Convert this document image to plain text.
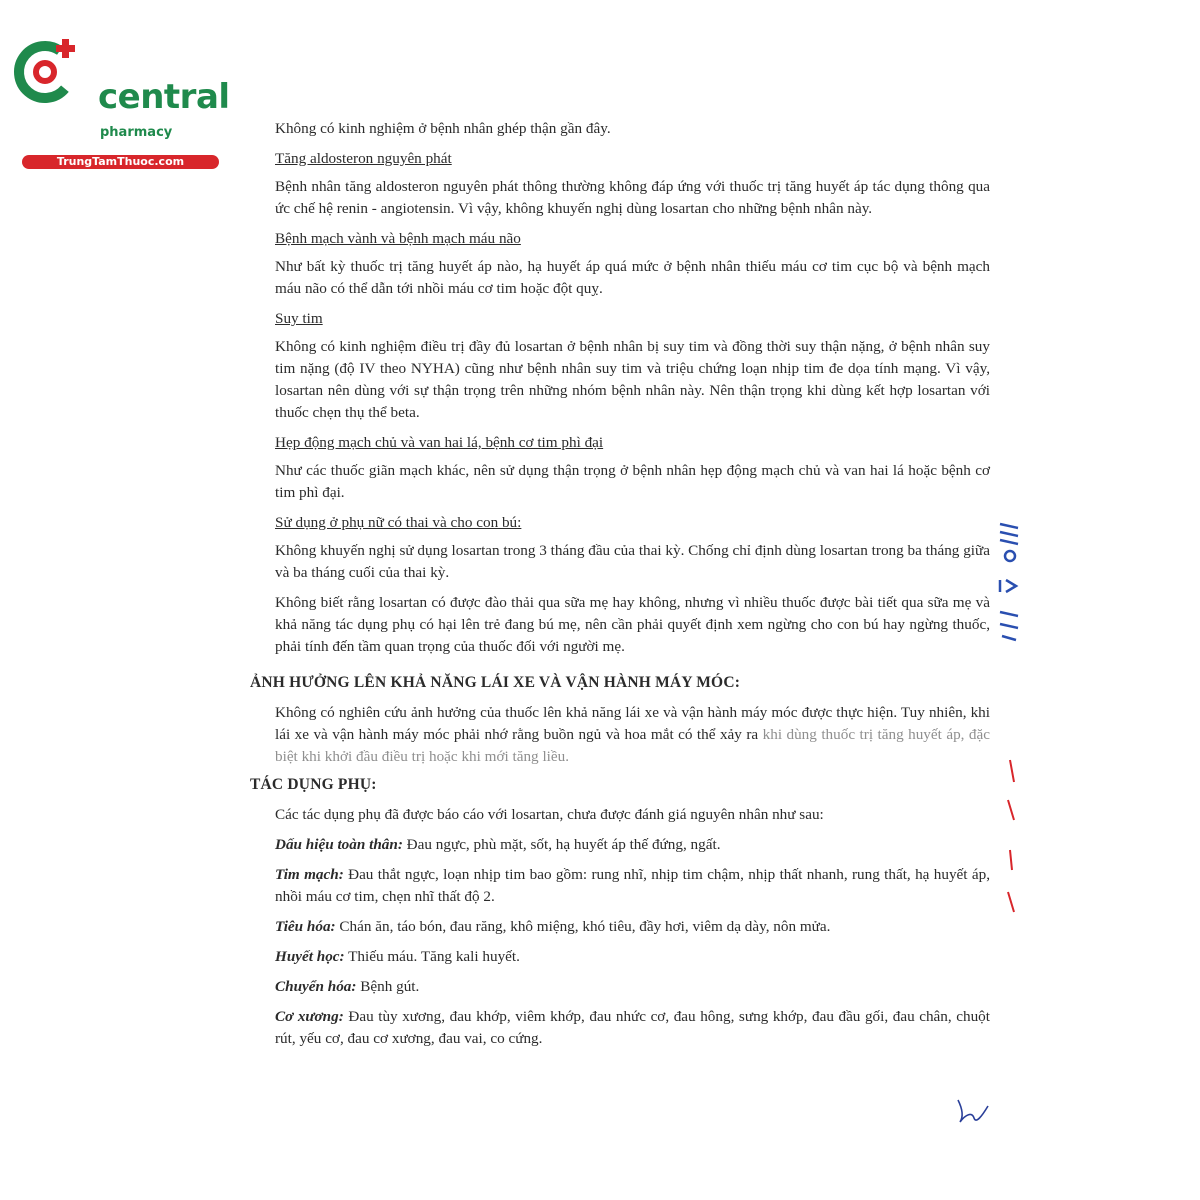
central
pharmacy
TrungTamThuoc.com

Không có kinh nghiệm ở bệnh nhân ghép thận gần đây.

Tăng aldosteron nguyên phát

Bệnh nhân tăng aldosteron nguyên phát thông thường không đáp ứng với thuốc trị tăng huyết áp tác dụng thông qua ức chế hệ renin - angiotensin. Vì vậy, không khuyến nghị dùng losartan cho những bệnh nhân này.

Bệnh mạch vành và bệnh mạch máu não

Như bất kỳ thuốc trị tăng huyết áp nào, hạ huyết áp quá mức ở bệnh nhân thiếu máu cơ tim cục bộ và bệnh mạch máu não có thể dẫn tới nhồi máu cơ tim hoặc đột quỵ.

Suy tim

Không có kinh nghiệm điều trị đầy đủ losartan ở bệnh nhân bị suy tim và đồng thời suy thận nặng, ở bệnh nhân suy tim nặng (độ IV theo NYHA) cũng như bệnh nhân suy tim và triệu chứng loạn nhịp tim đe dọa tính mạng. Vì vậy, losartan nên dùng với sự thận trọng trên những nhóm bệnh nhân này. Nên thận trọng khi dùng kết hợp losartan với thuốc chẹn thụ thể beta.

Hẹp động mạch chủ và van hai lá, bệnh cơ tim phì đại

Như các thuốc giãn mạch khác, nên sử dụng thận trọng ở bệnh nhân hẹp động mạch chủ và van hai lá hoặc bệnh cơ tim phì đại.

Sử dụng ở phụ nữ có thai và cho con bú:

Không khuyến nghị sử dụng losartan trong 3 tháng đầu của thai kỳ. Chống chỉ định dùng losartan trong ba tháng giữa và ba tháng cuối của thai kỳ.

Không biết rằng losartan có được đào thải qua sữa mẹ hay không, nhưng vì nhiều thuốc được bài tiết qua sữa mẹ và khả năng tác dụng phụ có hại lên trẻ đang bú mẹ, nên cần phải quyết định xem ngừng cho con bú hay ngừng thuốc, phải tính đến tầm quan trọng của thuốc đối với người mẹ.

ẢNH HƯỞNG LÊN KHẢ NĂNG LÁI XE VÀ VẬN HÀNH MÁY MÓC:

Không có nghiên cứu ảnh hưởng của thuốc lên khả năng lái xe và vận hành máy móc được thực hiện. Tuy nhiên, khi lái xe và vận hành máy móc phải nhớ rằng buồn ngủ và hoa mắt có thể xảy ra khi dùng thuốc trị tăng huyết áp, đặc biệt khi khởi đầu điều trị hoặc khi mới tăng liều.

TÁC DỤNG PHỤ:

Các tác dụng phụ đã được báo cáo với losartan, chưa được đánh giá nguyên nhân như sau:

Dấu hiệu toàn thân: Đau ngực, phù mặt, sốt, hạ huyết áp thế đứng, ngất.

Tim mạch: Đau thắt ngực, loạn nhịp tim bao gồm: rung nhĩ, nhịp tim chậm, nhịp thất nhanh, rung thất, hạ huyết áp, nhồi máu cơ tim, chẹn nhĩ thất độ 2.

Tiêu hóa: Chán ăn, táo bón, đau răng, khô miệng, khó tiêu, đầy hơi, viêm dạ dày, nôn mửa.

Huyết học: Thiếu máu. Tăng kali huyết.

Chuyển hóa: Bệnh gút.

Cơ xương: Đau tùy xương, đau khớp, viêm khớp, đau nhức cơ, đau hông, sưng khớp, đau đầu gối, đau chân, chuột rút, yếu cơ, đau cơ xương, đau vai, co cứng.
